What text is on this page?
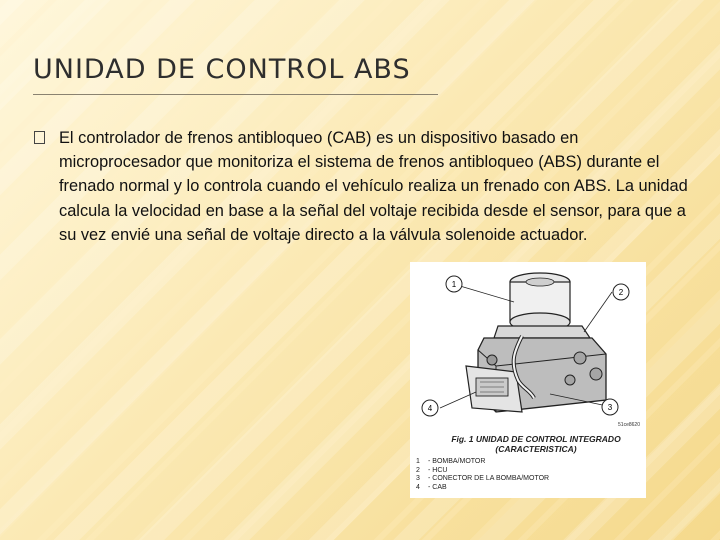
UNIDAD DE CONTROL ABS
El controlador de frenos antibloqueo (CAB) es un dispositivo basado en microprocesador que monitoriza el sistema de frenos antibloqueo (ABS) durante el frenado normal y lo controla cuando el vehículo realiza un frenado con ABS. La unidad calcula la velocidad en base a la señal del voltaje recibida desde el sensor, para que a su vez envié una señal de voltaje directo a la válvula solenoide actuador.
1
2
3
4
51ce8620
Fig. 1 UNIDAD DE CONTROL INTEGRADO
(CARACTERISTICA)
1 - BOMBA/MOTOR
2 - HCU
3 - CONECTOR DE LA BOMBA/MOTOR
4 - CAB
